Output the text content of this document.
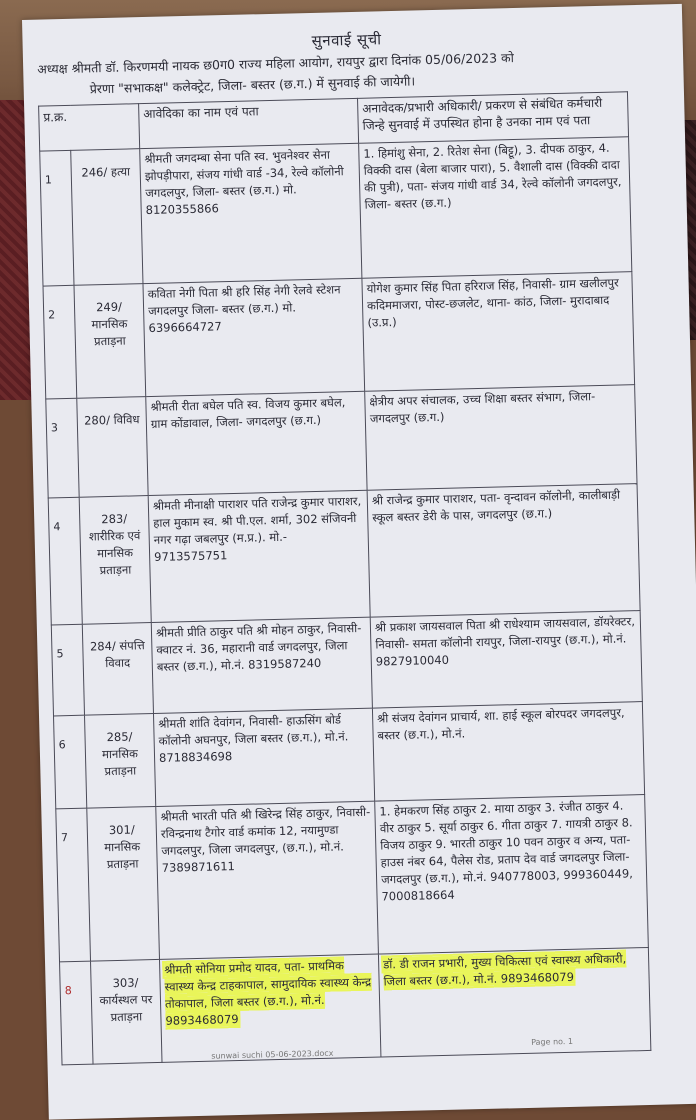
सुनवाई सूची
अध्यक्ष श्रीमती डॉ. किरणमयी नायक छ0ग0 राज्य महिला आयोग, रायपुर द्वारा दिनांक 05/06/2023 को
प्रेरणा "सभाकक्ष" कलेक्ट्रेट, जिला- बस्तर (छ.ग.) में सुनवाई की जायेगी।
प्र.क्र.		आवेदिका का नाम एवं पता	अनावेदक/प्रभारी अधिकारी/ प्रकरण से संबंधित कर्मचारी जिन्हे सुनवाई में उपस्थित होना है उनका नाम एवं पता
1	246/ हत्या	श्रीमती जगदम्बा सेना पति स्व. भुवनेश्वर सेना झोपड़ीपारा, संजय गांधी वार्ड -34, रेल्वे कॉलोनी जगदलपुर, जिला- बस्तर (छ.ग.) मो. 8120355866	1. हिमांशु सेना, 2. रितेश सेना (बिट्टू), 3. दीपक ठाकुर, 4. विक्की दास (बेला बाजार पारा), 5. वैशाली दास (विक्की दादा की पुत्री), पता- संजय गांधी वार्ड 34, रेल्वे कॉलोनी जगदलपुर, जिला- बस्तर (छ.ग.)
2	249/ मानसिक प्रताड़ना	कविता नेगी पिता श्री हरि सिंह नेगी रेलवे स्टेशन जगदलपुर जिला- बस्तर (छ.ग.) मो. 6396664727	योगेश कुमार सिंह पिता हरिराज सिंह, निवासी- ग्राम खलीलपुर कदिममाजरा, पोस्ट-छजलेट, थाना- कांठ, जिला- मुरादाबाद (उ.प्र.)
3	280/ विविध	श्रीमती रीता बघेल पति स्व. विजय कुमार बघेल, ग्राम कोंडावाल, जिला- जगदलपुर (छ.ग.)	क्षेत्रीय अपर संचालक, उच्च शिक्षा बस्तर संभाग, जिला-जगदलपुर (छ.ग.)
4	283/ शारीरिक एवं मानसिक प्रताड़ना	श्रीमती मीनाक्षी पाराशर पति राजेन्द्र कुमार पाराशर, हाल मुकाम स्व. श्री पी.एल. शर्मा, 302 संजिवनी नगर गढ़ा जबलपुर (म.प्र.). मो.- 9713575751	श्री राजेन्द्र कुमार पाराशर, पता- वृन्दावन कॉलोनी, कालीबाड़ी स्कूल बस्तर डेरी के पास, जगदलपुर (छ.ग.)
5	284/ संपत्ति विवाद	श्रीमती प्रीति ठाकुर पति श्री मोहन ठाकुर, निवासी- क्वाटर नं. 36, महारानी वार्ड जगदलपुर, जिला बस्तर (छ.ग.), मो.नं. 8319587240	श्री प्रकाश जायसवाल पिता श्री राधेश्याम जायसवाल, डॉयरेक्टर, निवासी- समता कॉलोनी रायपुर, जिला-रायपुर (छ.ग.), मो.नं. 9827910040
6	285/ मानसिक प्रताड़ना	श्रीमती शांति देवांगन, निवासी- हाऊसिंग बोर्ड कॉलोनी अघनपुर, जिला बस्तर (छ.ग.), मो.नं. 8718834698	श्री संजय देवांगन प्राचार्य, शा. हाई स्कूल बोरपदर जगदलपुर, बस्तर (छ.ग.), मो.नं.
7	301/ मानसिक प्रताड़ना	श्रीमती भारती पति श्री खिरेन्द्र सिंह ठाकुर, निवासी- रविन्द्रनाथ टैगोर वार्ड कमांक 12, नयामुण्डा जगदलपुर, जिला जगदलपुर, (छ.ग.), मो.नं. 7389871611	1. हेमकरण सिंह ठाकुर 2. माया ठाकुर 3. रंजीत ठाकुर 4. वीर ठाकुर 5. सूर्या ठाकुर 6. गीता ठाकुर 7. गायत्री ठाकुर 8. विजय ठाकुर 9. भारती ठाकुर 10 पवन ठाकुर व अन्य, पता-हाउस नंबर 64, पैलेस रोड, प्रताप देव वार्ड जगदलपुर जिला-जगदलपुर (छ.ग.), मो.नं. 940778003, 999360449, 7000818664
8	303/ कार्यस्थल पर प्रताड़ना	श्रीमती सोनिया प्रमोद यादव, पता- प्राथमिक स्वास्थ्य केन्द्र टाहकापाल, सामुदायिक स्वास्थ्य केन्द्र तोकापाल, जिला बस्तर (छ.ग.), मो.नं. 9893468079	डॉ. डी राजन प्रभारी, मुख्य चिकित्सा एवं स्वास्थ्य अधिकारी, जिला बस्तर (छ.ग.), मो.नं. 9893468079
sunwai suchi 05-06-2023.docx
Page no. 1
